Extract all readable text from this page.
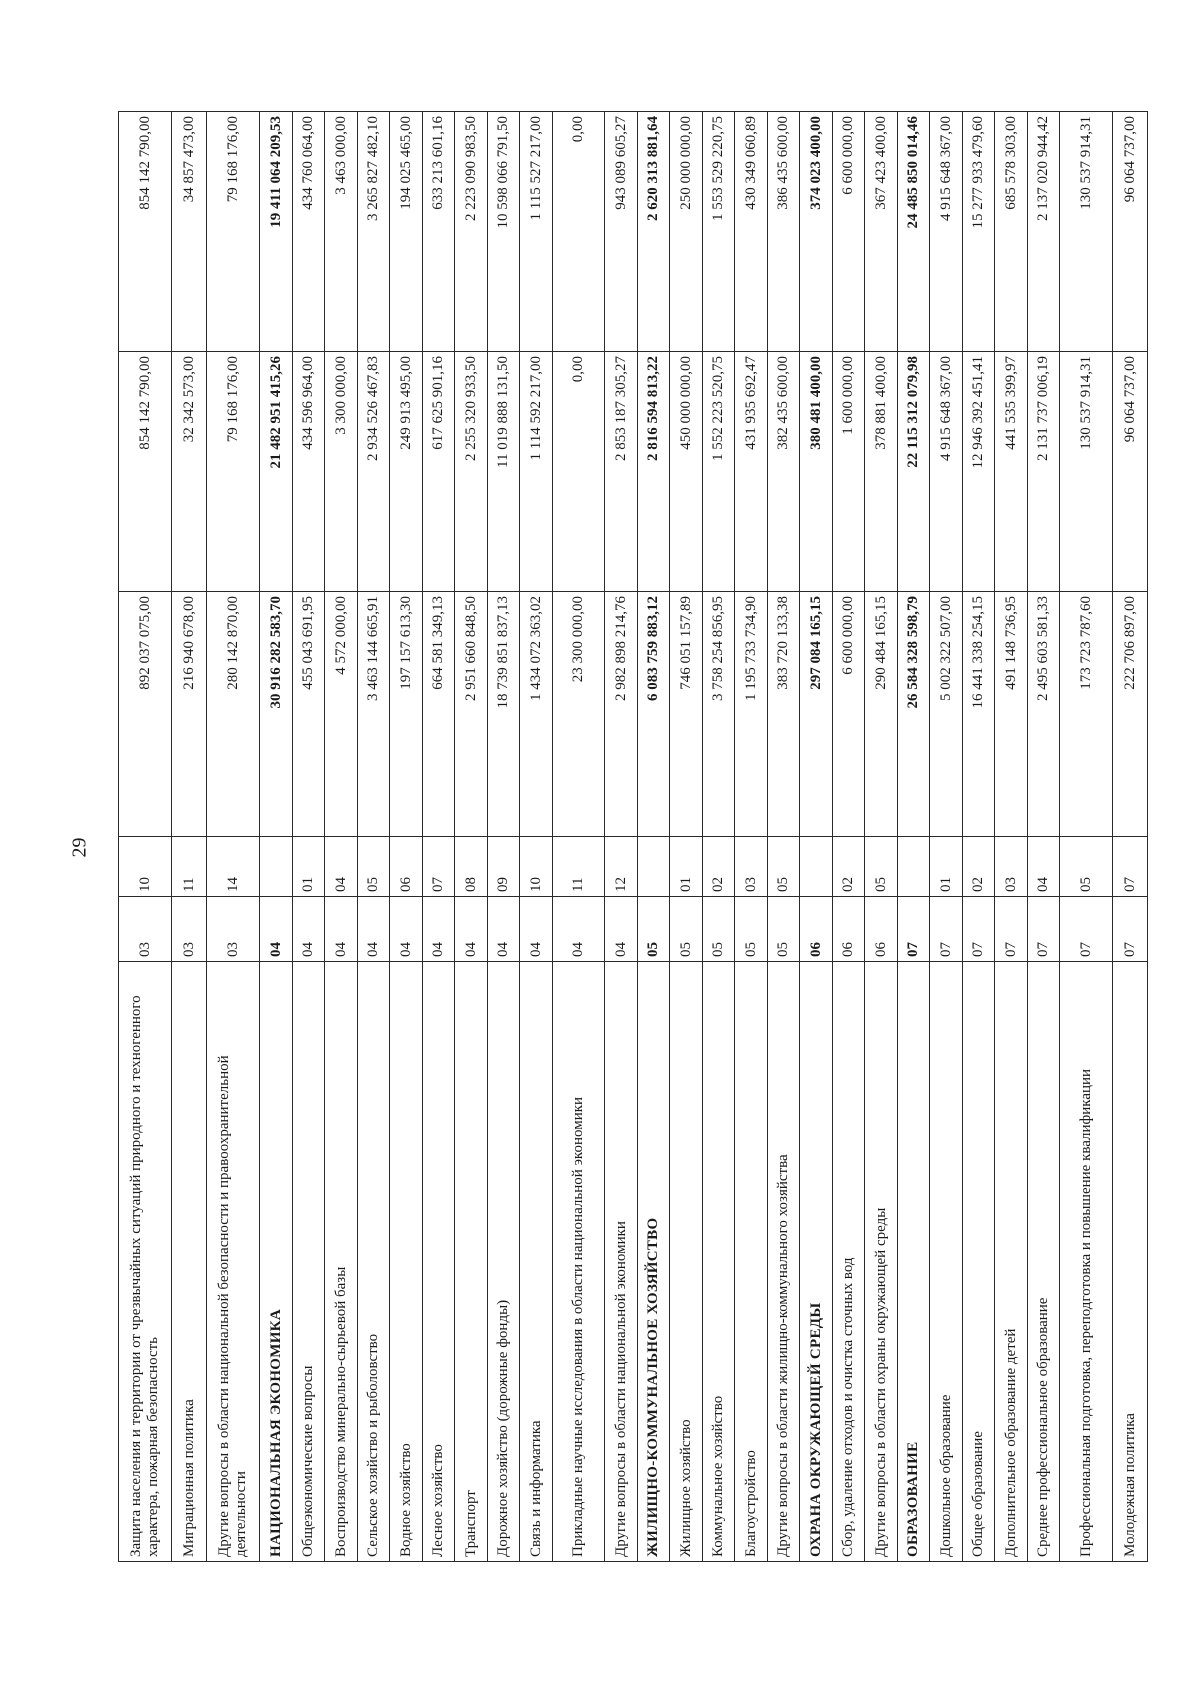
29
Защита населения и территории от чрезвычайных ситуаций природного и техногенного характера, пожарная безопасность	03	10	892 037 075,00	854 142 790,00	854 142 790,00
Миграционная политика	03	11	216 940 678,00	32 342 573,00	34 857 473,00
Другие вопросы в области национальной безопасности и правоохранительной деятельности	03	14	280 142 870,00	79 168 176,00	79 168 176,00
НАЦИОНАЛЬНАЯ ЭКОНОМИКА	04		30 916 282 583,70	21 482 951 415,26	19 411 064 209,53
Общеэкономические вопросы	04	01	455 043 691,95	434 596 964,00	434 760 064,00
Воспроизводство минерально-сырьевой базы	04	04	4 572 000,00	3 300 000,00	3 463 000,00
Сельское хозяйство и рыболовство	04	05	3 463 144 665,91	2 934 526 467,83	3 265 827 482,10
Водное хозяйство	04	06	197 157 613,30	249 913 495,00	194 025 465,00
Лесное хозяйство	04	07	664 581 349,13	617 625 901,16	633 213 601,16
Транспорт	04	08	2 951 660 848,50	2 255 320 933,50	2 223 090 983,50
Дорожное хозяйство (дорожные фонды)	04	09	18 739 851 837,13	11 019 888 131,50	10 598 066 791,50
Связь и информатика	04	10	1 434 072 363,02	1 114 592 217,00	1 115 527 217,00
Прикладные научные исследования в области национальной экономики	04	11	23 300 000,00	0,00	0,00
Другие вопросы в области национальной экономики	04	12	2 982 898 214,76	2 853 187 305,27	943 089 605,27
ЖИЛИЩНО-КОММУНАЛЬНОЕ ХОЗЯЙСТВО	05		6 083 759 883,12	2 816 594 813,22	2 620 313 881,64
Жилищное хозяйство	05	01	746 051 157,89	450 000 000,00	250 000 000,00
Коммунальное хозяйство	05	02	3 758 254 856,95	1 552 223 520,75	1 553 529 220,75
Благоустройство	05	03	1 195 733 734,90	431 935 692,47	430 349 060,89
Другие вопросы в области жилищно-коммунального хозяйства	05	05	383 720 133,38	382 435 600,00	386 435 600,00
ОХРАНА ОКРУЖАЮЩЕЙ СРЕДЫ	06		297 084 165,15	380 481 400,00	374 023 400,00
Сбор, удаление отходов и очистка сточных вод	06	02	6 600 000,00	1 600 000,00	6 600 000,00
Другие вопросы в области охраны окружающей среды	06	05	290 484 165,15	378 881 400,00	367 423 400,00
ОБРАЗОВАНИЕ	07		26 584 328 598,79	22 115 312 079,98	24 485 850 014,46
Дошкольное образование	07	01	5 002 322 507,00	4 915 648 367,00	4 915 648 367,00
Общее образование	07	02	16 441 338 254,15	12 946 392 451,41	15 277 933 479,60
Дополнительное образование детей	07	03	491 148 736,95	441 535 399,97	685 578 303,00
Среднее профессиональное образование	07	04	2 495 603 581,33	2 131 737 006,19	2 137 020 944,42
Профессиональная подготовка, переподготовка и повышение квалификации	07	05	173 723 787,60	130 537 914,31	130 537 914,31
Молодежная политика	07	07	222 706 897,00	96 064 737,00	96 064 737,00
